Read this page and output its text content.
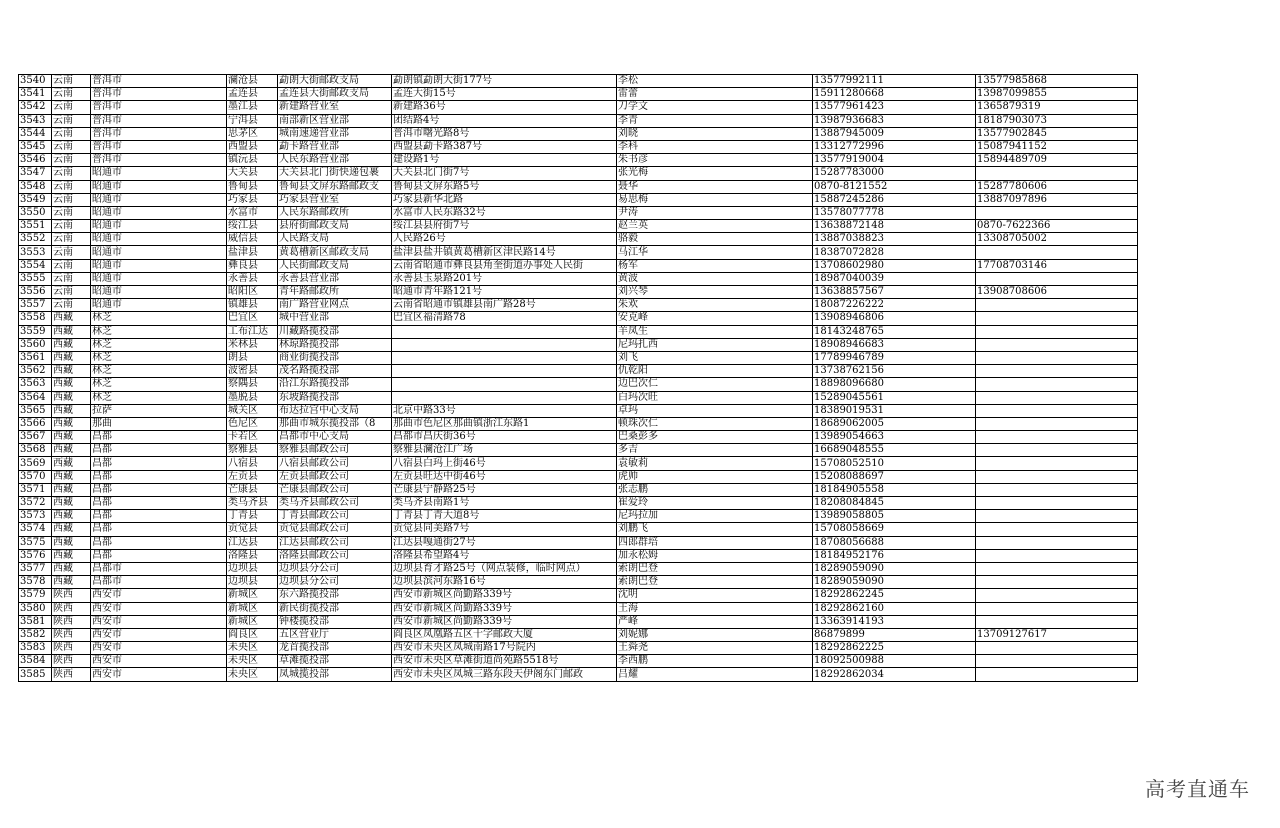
3540	云南	普洱市	澜沧县	勐朗大街邮政支局	勐朗镇勐朗大街177号	李松	13577992111	13577985868
3541	云南	普洱市	孟连县	孟连县大街邮政支局	孟连大街15号	雷蕾	15911280668	13987099855
3542	云南	普洱市	墨江县	新建路营业室	新建路36号	刀学文	13577961423	1365879319
3543	云南	普洱市	宁洱县	南部新区营业部	团结路4号	李青	13987936683	18187903073
3544	云南	普洱市	思茅区	城南速递营业部	普洱市曙光路8号	刘晓	13887945009	13577902845
3545	云南	普洱市	西盟县	勐卡路营业部	西盟县勐卡路387号	李科	13312772996	15087941152
3546	云南	普洱市	镇沅县	人民东路营业部	建设路1号	朱书彦	13577919004	15894489709
3547	云南	昭通市	大关县	大关县北门街快递包裹	大关县北门街7号	张光梅	15287783000	
3548	云南	昭通市	鲁甸县	鲁甸县文屏东路邮政支	鲁甸县文屏东路5号	聂华	0870-8121552	15287780606
3549	云南	昭通市	巧家县	巧家县营业室	巧家县新华北路	易思梅	15887245286	13887097896
3550	云南	昭通市	水富市	人民东路邮政所	水富市人民东路32号	尹涛	13578077778	
3551	云南	昭通市	绥江县	县府街邮政支局	绥江县县府街7号	赵兰英	13638872148	0870-7622366
3552	云南	昭通市	威信县	人民路支局	人民路26号	骆毅	13887038823	13308705002
3553	云南	昭通市	盐津县	黄葛槽新区邮政支局	盐津县盐井镇黄葛槽新区津民路14号	马江华	18387072828	
3554	云南	昭通市	彝良县	人民街邮政支局	云南省昭通市彝良县角奎街道办事处人民街	杨军	13708602980	17708703146
3555	云南	昭通市	永善县	永善县营业部	永善县玉泉路201号	黄波	18987040039	
3556	云南	昭通市	昭阳区	青年路邮政所	昭通市青年路121号	刘兴琴	13638857567	13908708606
3557	云南	昭通市	镇雄县	南广路营业网点	云南省昭通市镇雄县南广路28号	朱欢	18087226222	
3558	西藏	林芝	巴宜区	城中营业部	巴宜区福清路78	安克峰	13908946806	
3559	西藏	林芝	工布江达	川藏路揽投部		羊凤生	18143248765	
3560	西藏	林芝	米林县	林琼路揽投部		尼玛扎西	18908946683	
3561	西藏	林芝	朗县	商业街揽投部		刘飞	17789946789	
3562	西藏	林芝	波密县	茂名路揽投部		仇乾阳	13738762156	
3563	西藏	林芝	察隅县	沿江东路揽投部		边巴次仁	18898096680	
3564	西藏	林芝	墨脱县	东坡路揽投部		白玛次旺	15289045561	
3565	西藏	拉萨	城关区	布达拉宫中心支局	北京中路33号	卓玛	18389019531	
3566	西藏	那曲	色尼区	那曲市城东揽投部（8	那曲市色尼区那曲镇浙江东路1	顿珠次仁	18689062005	
3567	西藏	昌都	卡若区	昌都市中心支局	昌都市昌庆街36号	巴桑彭多	13989054663	
3568	西藏	昌都	察雅县	察雅县邮政公司	察雅县澜沧江广场	多吉	16689048555	
3569	西藏	昌都	八宿县	八宿县邮政公司	八宿县白玛上街46号	袁敏莉	15708052510	
3570	西藏	昌都	左贡县	左贡县邮政公司	左贡县旺达中街46号	虎帅	15208088697	
3571	西藏	昌都	芒康县	芒康县邮政公司	芒康县宁静路25号	张志鹏	18184905558	
3572	西藏	昌都	类乌齐县	类乌齐县邮政公司	类乌齐县南路1号	崔爱玲	18208084845	
3573	西藏	昌都	丁青县	丁青县邮政公司	丁青县丁青大道8号	尼玛拉加	13989058805	
3574	西藏	昌都	贡觉县	贡觉县邮政公司	贡觉县同美路7号	刘鹏飞	15708058669	
3575	西藏	昌都	江达县	江达县邮政公司	江达县嘎通街27号	四郎群培	18708056688	
3576	西藏	昌都	洛隆县	洛隆县邮政公司	洛隆县希望路4号	加永松姆	18184952176	
3577	西藏	昌都市	边坝县	边坝县分公司	边坝县育才路25号（网点装修，临时网点）	索朗巴登	18289059090	
3578	西藏	昌都市	边坝县	边坝县分公司	边坝县滨河东路16号	索朗巴登	18289059090	
3579	陕西	西安市	新城区	东六路揽投部	西安市新城区尚勤路339号	沈明	18292862245	
3580	陕西	西安市	新城区	新民街揽投部	西安市新城区尚勤路339号	王海	18292862160	
3581	陕西	西安市	新城区	钟楼揽投部	西安市新城区尚勤路339号	严峰	13363914193	
3582	陕西	西安市	阎良区	五区营业厅	阎良区凤凰路五区十字邮政大厦	刘妮娜	86879899	13709127617
3583	陕西	西安市	未央区	龙首揽投部	西安市未央区凤城南路17号院内	王舜尧	18292862225	
3584	陕西	西安市	未央区	草滩揽投部	西安市未央区草滩街道尚苑路5518号	李西鹏	18092500988	
3585	陕西	西安市	未央区	凤城揽投部	西安市未央区凤城三路东段天伊阁东门邮政	吕耀	18292862034	
高考直通车
